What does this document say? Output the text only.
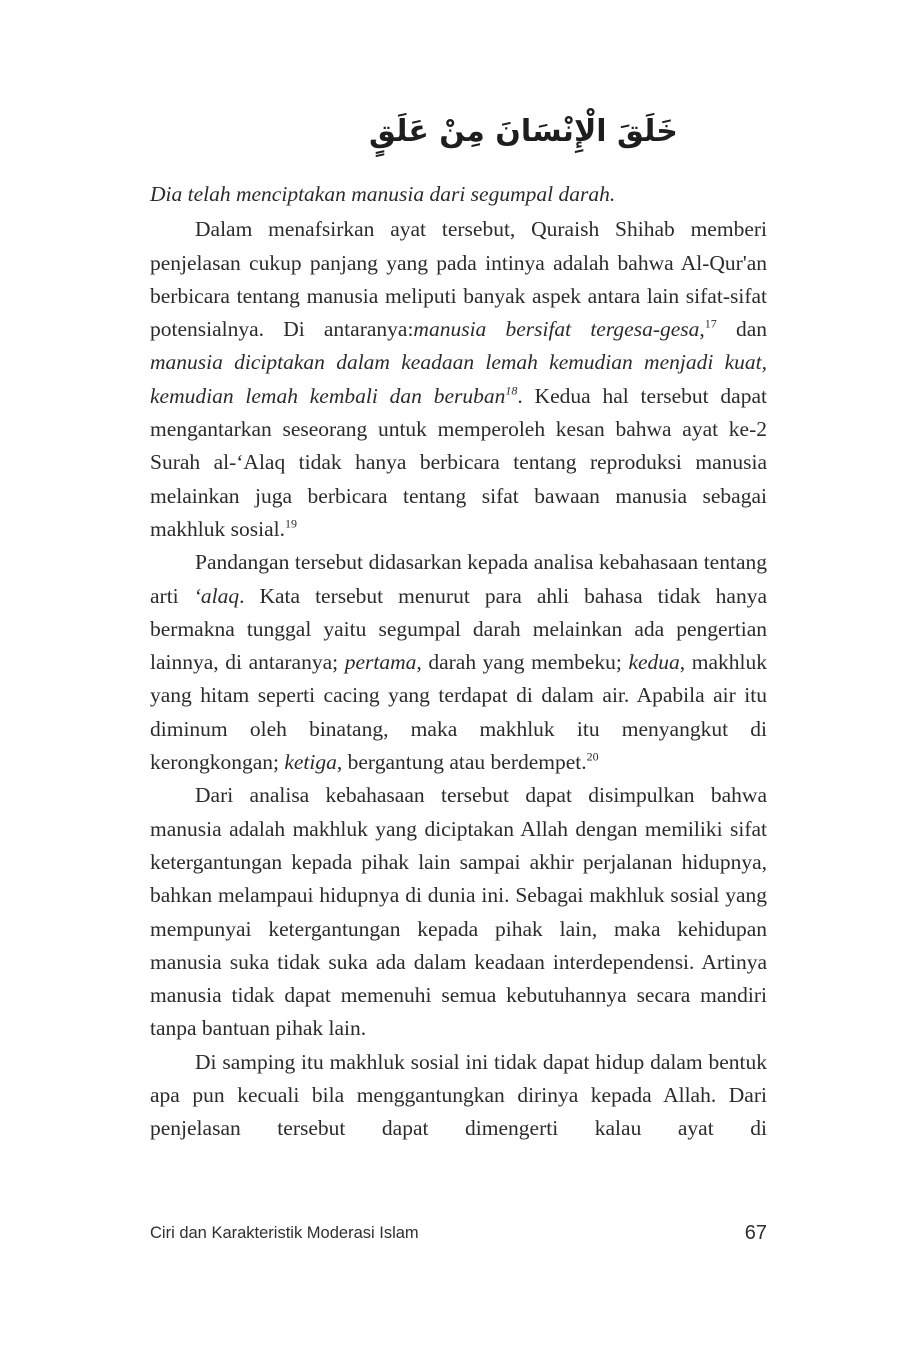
خَلَقَ الْإِنْسَانَ مِنْ عَلَقٍ

Dia telah menciptakan manusia dari segumpal darah.

Dalam menafsirkan ayat tersebut, Quraish Shihab memberi penjelasan cukup panjang yang pada intinya adalah bahwa Al-Qur'an berbicara tentang manusia meliputi banyak aspek antara lain sifat-sifat potensialnya. Di antaranya:manusia bersifat tergesa-gesa,$^{17}$ dan manusia diciptakan dalam keadaan lemah kemudian menjadi kuat, kemudian lemah kembali dan beruban$^{18}$. Kedua hal tersebut dapat mengantarkan seseorang untuk memperoleh kesan bahwa ayat ke-2 Surah al-‘Alaq tidak hanya berbicara tentang reproduksi manusia melainkan juga berbicara tentang sifat bawaan manusia sebagai makhluk sosial.$^{19}$

Pandangan tersebut didasarkan kepada analisa kebahasaan tentang arti ‘alaq. Kata tersebut menurut para ahli bahasa tidak hanya bermakna tunggal yaitu segumpal darah melainkan ada pengertian lainnya, di antaranya; pertama, darah yang membeku; kedua, makhluk yang hitam seperti cacing yang terdapat di dalam air. Apabila air itu diminum oleh binatang, maka makhluk itu menyangkut di kerongkongan; ketiga, bergantung atau berdempet.$^{20}$

Dari analisa kebahasaan tersebut dapat disimpulkan bahwa manusia adalah makhluk yang diciptakan Allah dengan memiliki sifat ketergantungan kepada pihak lain sampai akhir perjalanan hidupnya, bahkan melampaui hidupnya di dunia ini. Sebagai makhluk sosial yang mempunyai ketergantungan kepada pihak lain, maka kehidupan manusia suka tidak suka ada dalam keadaan interdependensi. Artinya manusia tidak dapat memenuhi semua kebutuhannya secara mandiri tanpa bantuan pihak lain.

Di samping itu makhluk sosial ini tidak dapat hidup dalam bentuk apa pun kecuali bila menggantungkan dirinya kepada Allah. Dari penjelasan tersebut dapat dimengerti kalau ayat di

Ciri dan Karakteristik Moderasi Islam	67
